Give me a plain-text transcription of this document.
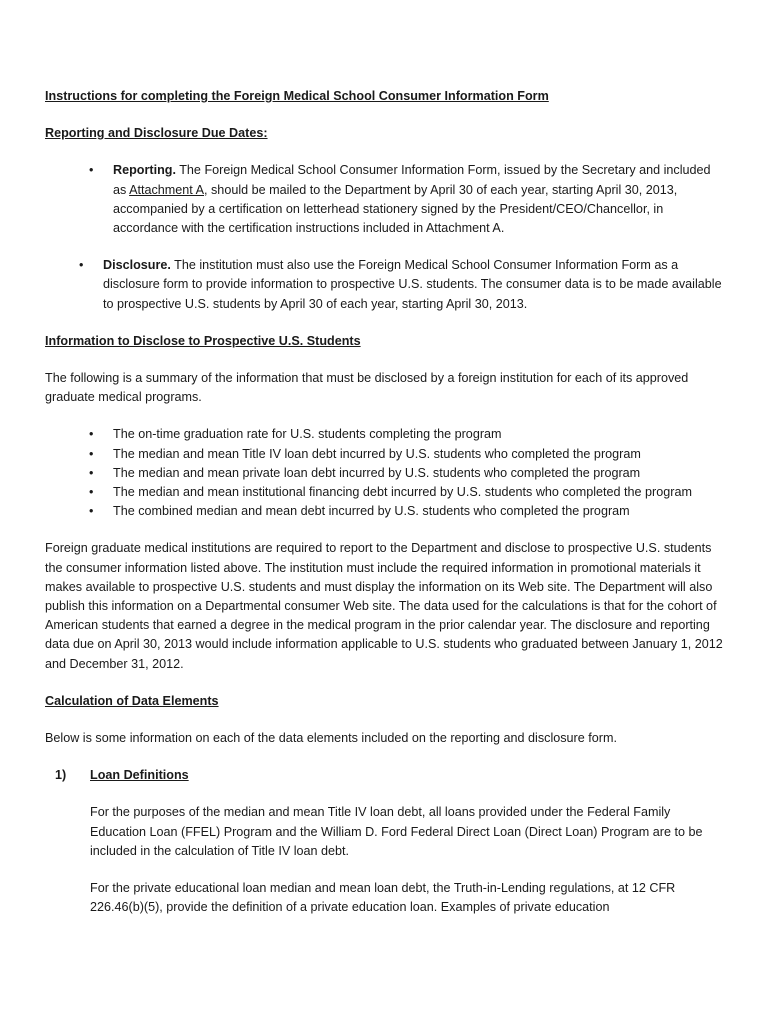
Instructions for completing the Foreign Medical School Consumer Information Form

Reporting and Disclosure Due Dates:

• Reporting. The Foreign Medical School Consumer Information Form, issued by the Secretary and included as Attachment A, should be mailed to the Department by April 30 of each year, starting April 30, 2013, accompanied by a certification on letterhead stationery signed by the President/CEO/Chancellor, in accordance with the certification instructions included in Attachment A.
• Disclosure. The institution must also use the Foreign Medical School Consumer Information Form as a disclosure form to provide information to prospective U.S. students. The consumer data is to be made available to prospective U.S. students by April 30 of each year, starting April 30, 2013.

Information to Disclose to Prospective U.S. Students

The following is a summary of the information that must be disclosed by a foreign institution for each of its approved graduate medical programs.

• The on-time graduation rate for U.S. students completing the program
• The median and mean Title IV loan debt incurred by U.S. students who completed the program
• The median and mean private loan debt incurred by U.S. students who completed the program
• The median and mean institutional financing debt incurred by U.S. students who completed the program
• The combined median and mean debt incurred by U.S. students who completed the program

Foreign graduate medical institutions are required to report to the Department and disclose to prospective U.S. students the consumer information listed above. The institution must include the required information in promotional materials it makes available to prospective U.S. students and must display the information on its Web site. The Department will also publish this information on a Departmental consumer Web site. The data used for the calculations is that for the cohort of American students that earned a degree in the medical program in the prior calendar year. The disclosure and reporting data due on April 30, 2013 would include information applicable to U.S. students who graduated between January 1, 2012 and December 31, 2012.

Calculation of Data Elements

Below is some information on each of the data elements included on the reporting and disclosure form.

1) Loan Definitions

For the purposes of the median and mean Title IV loan debt, all loans provided under the Federal Family Education Loan (FFEL) Program and the William D. Ford Federal Direct Loan (Direct Loan) Program are to be included in the calculation of Title IV loan debt.

For the private educational loan median and mean loan debt, the Truth-in-Lending regulations, at 12 CFR 226.46(b)(5), provide the definition of a private education loan. Examples of private education
